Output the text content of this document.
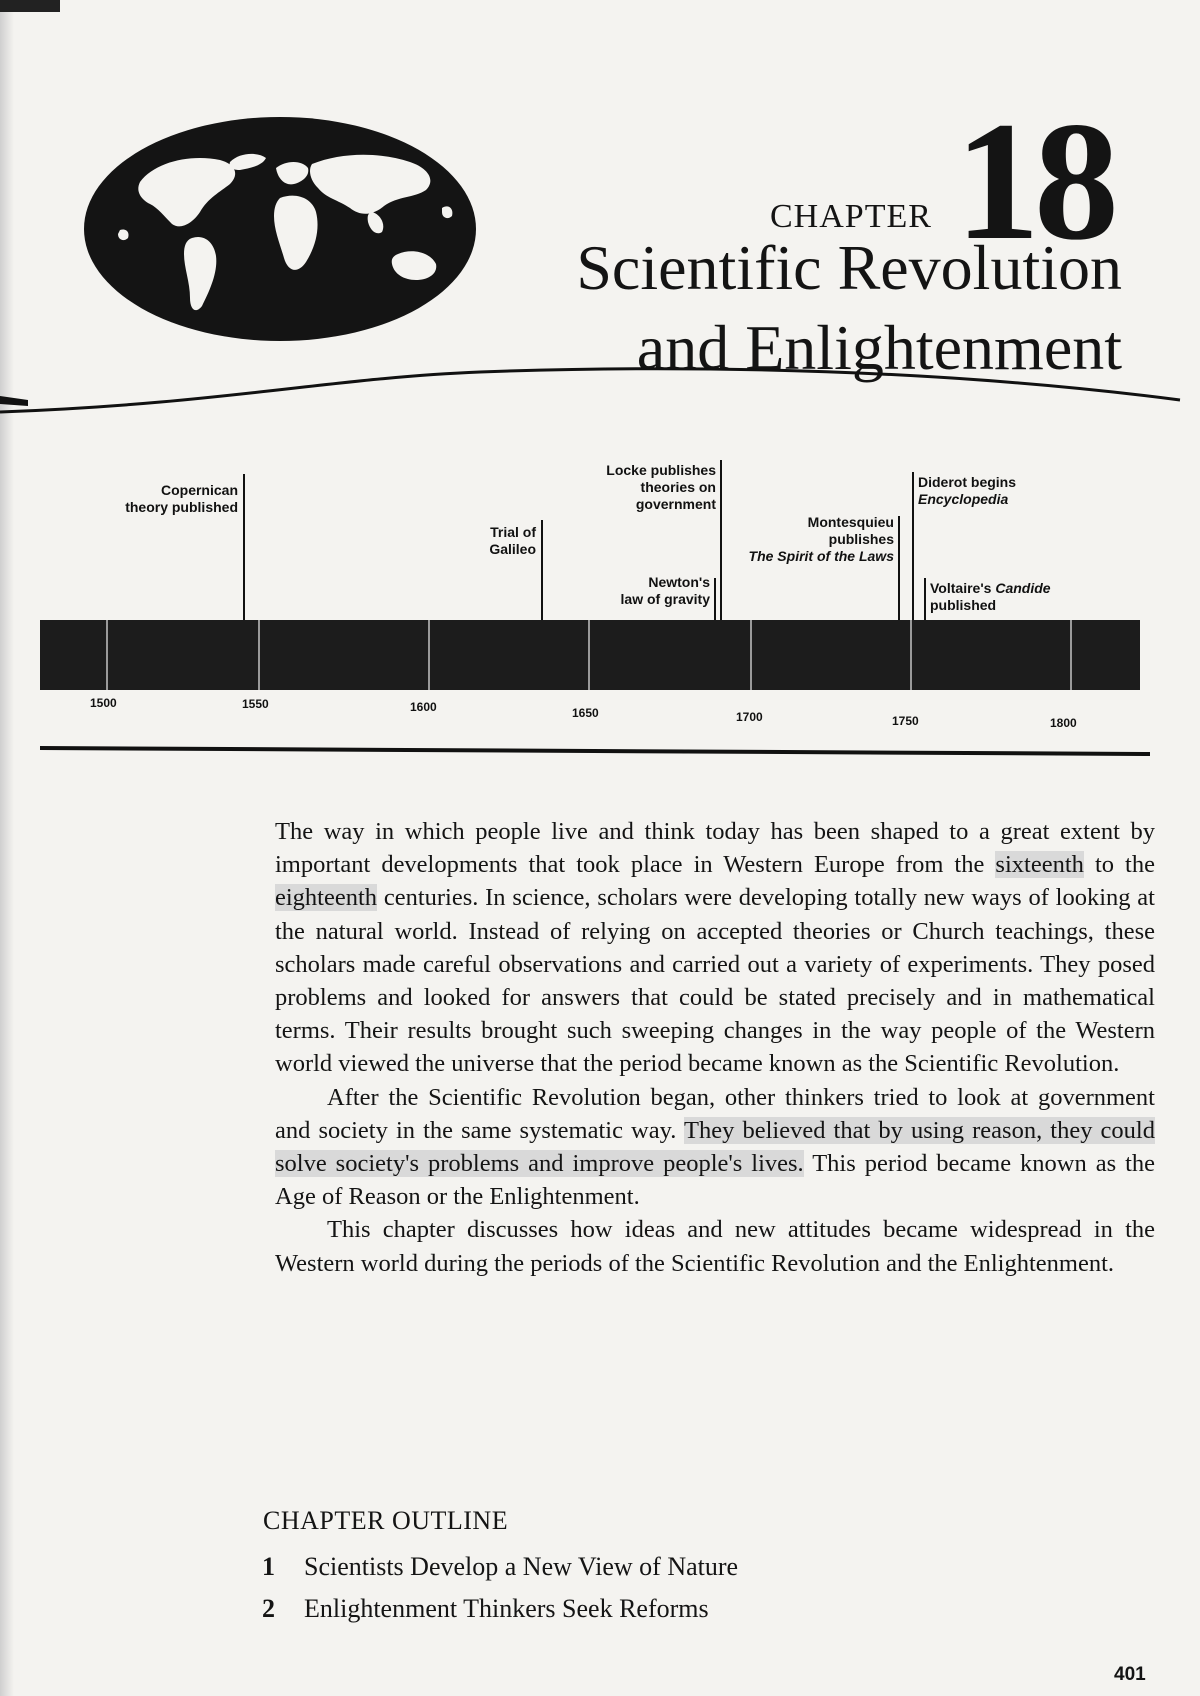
CHAPTER 18
Scientific Revolution
and Enlightenment
1500	1550	1600	1650	1700	1750	1800
Copernican
theory published
Trial of
Galileo
Newton's
law of gravity
Locke publishes
theories on
government
Montesquieu
publishes
The Spirit of the Laws
Diderot begins
Encyclopedia
Voltaire's Candide
published

The way in which people live and think today has been shaped to a great extent by important developments that took place in Western Europe from the sixteenth to the eighteenth centuries. In science, scholars were developing totally new ways of looking at the natural world. Instead of relying on accepted theories or Church teachings, these scholars made careful observations and carried out a variety of experiments. They posed problems and looked for answers that could be stated precisely and in mathematical terms. Their results brought such sweeping changes in the way people of the Western world viewed the universe that the period became known as the Scientific Revolution.

After the Scientific Revolution began, other thinkers tried to look at government and society in the same systematic way. They believed that by using reason, they could solve society's problems and improve people's lives. This period became known as the Age of Reason or the Enlightenment.

This chapter discusses how ideas and new attitudes became widespread in the Western world during the periods of the Scientific Revolution and the Enlightenment.

CHAPTER OUTLINE
1 Scientists Develop a New View of Nature
2 Enlightenment Thinkers Seek Reforms
401
